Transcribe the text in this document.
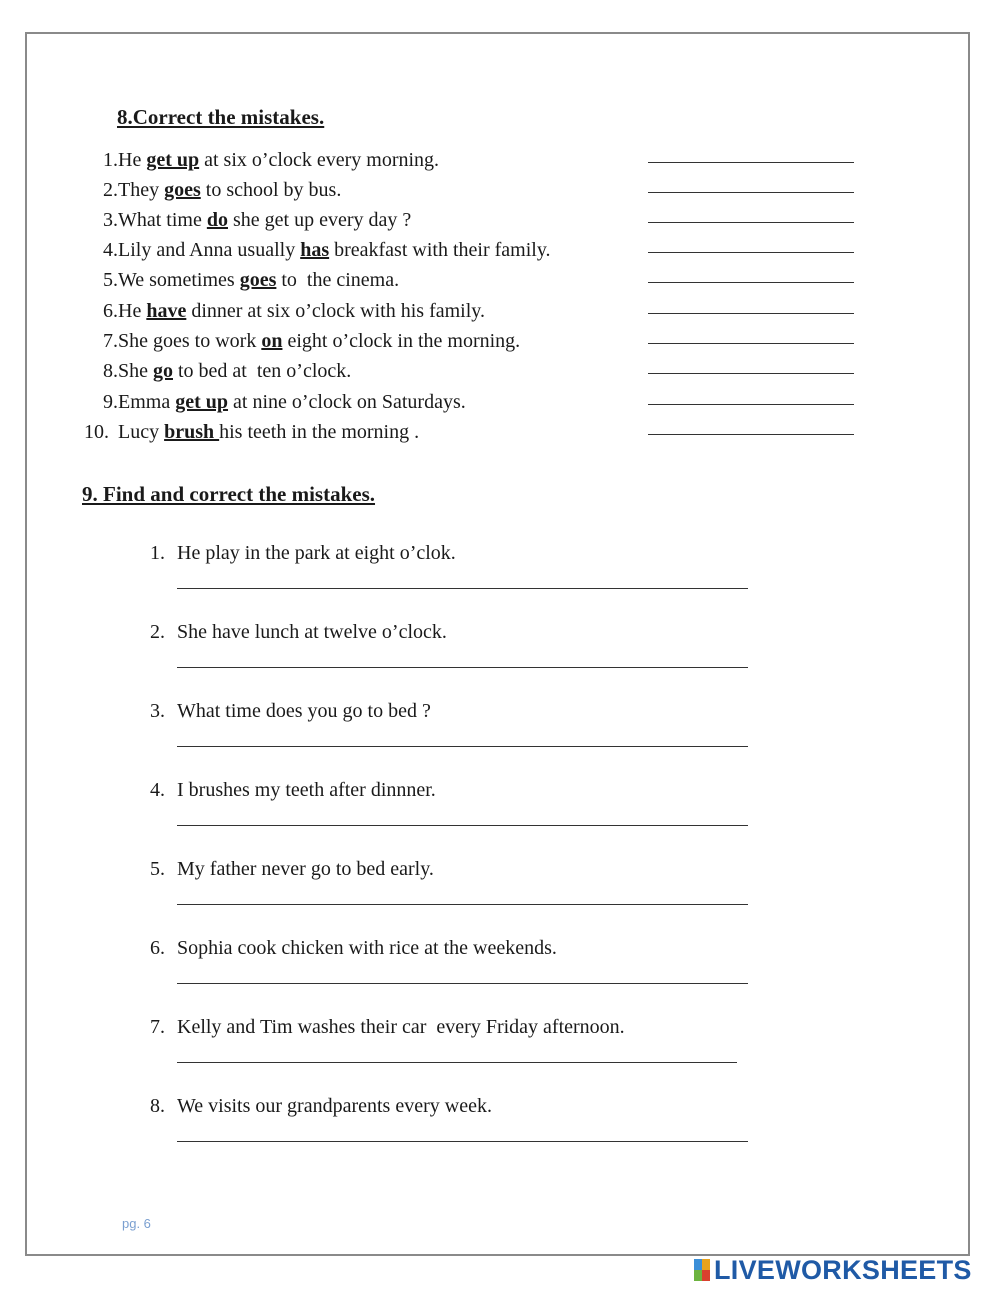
8.Correct the mistakes.
1. He get up at six o’clock every morning.
2. They goes to school by bus.
3. What time do she get up every day ?
4. Lily and Anna usually has breakfast with their family.
5. We sometimes goes to  the cinema.
6. He have dinner at six o’clock with his family.
7. She goes to work on eight o’clock in the morning.
8. She go to bed at  ten o’clock.
9. Emma get up at nine o’clock on Saturdays.
10. Lucy brush his teeth in the morning .
9. Find and correct the mistakes.
1. He play in the park at eight o’clok.
2. She have lunch at twelve o’clock.
3. What time does you go to bed ?
4. I brushes my teeth after dinnner.
5. My father never go to bed early.
6. Sophia cook chicken with rice at the weekends.
7. Kelly and Tim washes their car  every Friday afternoon.
8. We visits our grandparents every week.
pg. 6
LIVEWORKSHEETS
